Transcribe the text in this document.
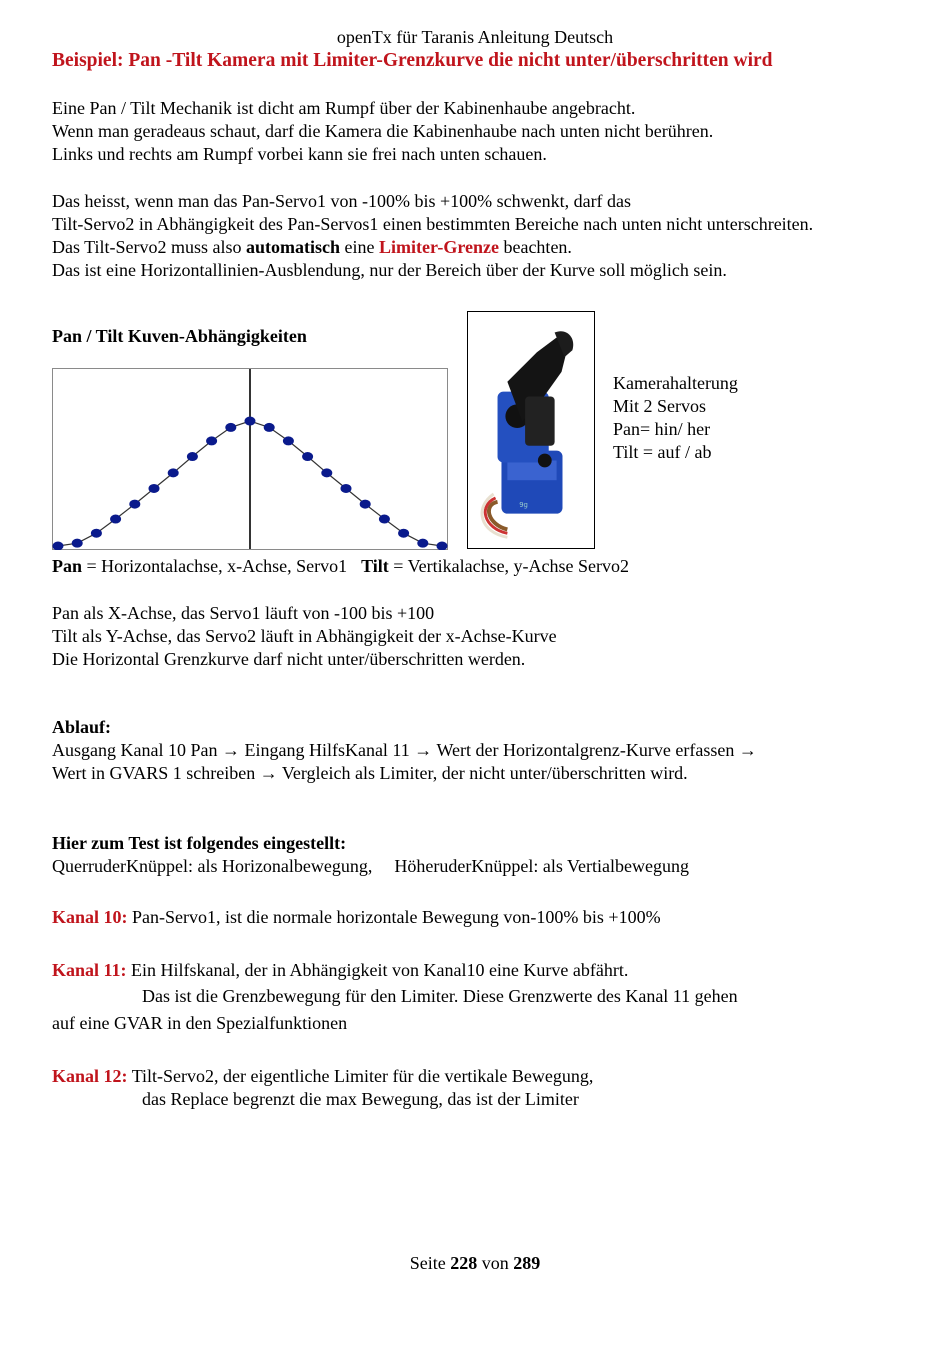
openTx für Taranis Anleitung Deutsch
Beispiel: Pan -Tilt Kamera mit Limiter-Grenzkurve die nicht unter/überschritten wird
Eine Pan / Tilt Mechanik ist dicht am Rumpf über der Kabinenhaube angebracht.
Wenn man geradeaus schaut, darf die Kamera die Kabinenhaube nach unten nicht berühren.
Links und rechts am Rumpf vorbei kann sie frei nach unten schauen.
Das heisst, wenn man das Pan-Servo1 von -100% bis +100% schwenkt, darf das
Tilt-Servo2 in Abhängigkeit des Pan-Servos1 einen bestimmten Bereiche nach unten nicht unterschreiten.
Das Tilt-Servo2 muss also automatisch eine Limiter-Grenze beachten.
Das ist eine Horizontallinien-Ausblendung, nur der Bereich über der Kurve soll möglich sein.
Pan / Tilt Kuven-Abhängigkeiten
9g
Kamerahalterung
Mit 2 Servos
Pan= hin/ her
Tilt = auf / ab
Pan = Horizontalachse, x-Achse, Servo1 Tilt = Vertikalachse, y-Achse Servo2
Pan als X-Achse, das Servo1 läuft von -100 bis +100
Tilt als Y-Achse, das Servo2 läuft in Abhängigkeit der x-Achse-Kurve
Die Horizontal Grenzkurve darf nicht unter/überschritten werden.
Ablauf:
Ausgang Kanal 10 Pan → Eingang HilfsKanal 11 → Wert der Horizontalgrenz-Kurve erfassen →
Wert in GVARS 1 schreiben → Vergleich als Limiter, der nicht unter/überschritten wird.
Hier zum Test ist folgendes eingestellt:
QuerruderKnüppel: als Horizonalbewegung, HöheruderKnüppel: als Vertialbewegung
Kanal 10: Pan-Servo1, ist die normale horizontale Bewegung von-100% bis +100%
Kanal 11: Ein Hilfskanal, der in Abhängigkeit von Kanal10 eine Kurve abfährt.
Das ist die Grenzbewegung für den Limiter. Diese Grenzwerte des Kanal 11 gehen
auf eine GVAR in den Spezialfunktionen
Kanal 12: Tilt-Servo2, der eigentliche Limiter für die vertikale Bewegung,
das Replace begrenzt die max Bewegung, das ist der Limiter
Seite 228 von 289
